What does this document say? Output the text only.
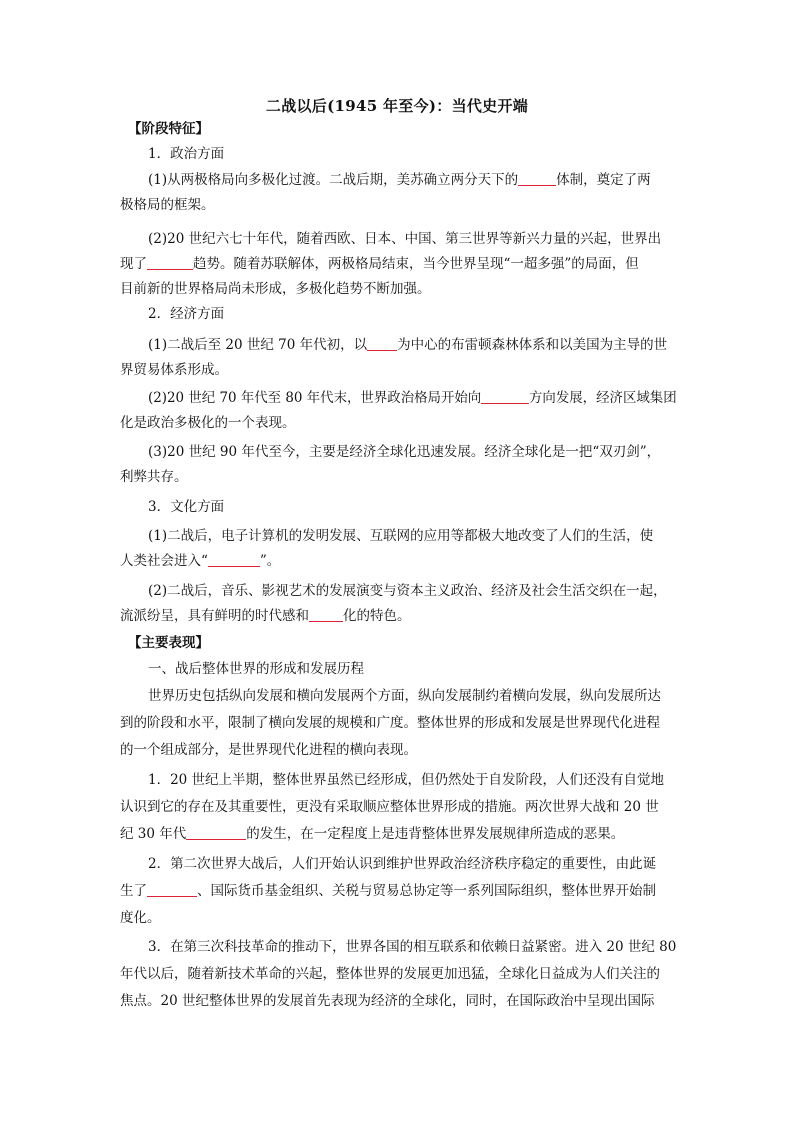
二战以后(1945 年至今)：当代史开端
【阶段特征】
1．政治方面
(1)从两极格局向多极化过渡。二战后期，美苏确立两分天下的	体制，奠定了两
极格局的框架。
(2)20 世纪六七十年代，随着西欧、日本、中国、第三世界等新兴力量的兴起，世界出
现了	趋势。随着苏联解体，两极格局结束，当今世界呈现“一超多强”的局面，但
目前新的世界格局尚未形成，多极化趋势不断加强。
2．经济方面
(1)二战后至 20 世纪 70 年代初，以 为中心的布雷顿森林体系和以美国为主导的世
界贸易体系形成。
(2)20 世纪 70 年代至 80 年代末，世界政治格局开始向	方向发展，经济区域集团
化是政治多极化的一个表现。
(3)20 世纪 90 年代至今，主要是经济全球化迅速发展。经济全球化是一把“双刃剑”，
利弊共存。
3．文化方面
(1)二战后，电子计算机的发明发展、互联网的应用等都极大地改变了人们的生活，使
人类社会进入“	”。
(2)二战后，音乐、影视艺术的发展演变与资本主义政治、经济及社会生活交织在一起，
流派纷呈，具有鲜明的时代感和	化的特色。
【主要表现】
一、战后整体世界的形成和发展历程
世界历史包括纵向发展和横向发展两个方面，纵向发展制约着横向发展，纵向发展所达
到的阶段和水平，限制了横向发展的规模和广度。整体世界的形成和发展是世界现代化进程
的一个组成部分，是世界现代化进程的横向表现。
1．20 世纪上半期，整体世界虽然已经形成，但仍然处于自发阶段，人们还没有自觉地
认识到它的存在及其重要性，更没有采取顺应整体世界形成的措施。两次世界大战和 20 世
纪 30 年代	的发生，在一定程度上是违背整体世界发展规律所造成的恶果。
2．第二次世界大战后，人们开始认识到维护世界政治经济秩序稳定的重要性，由此诞
生了	、国际货币基金组织、关税与贸易总协定等一系列国际组织，整体世界开始制
度化。
3．在第三次科技革命的推动下，世界各国的相互联系和依赖日益紧密。进入 20 世纪 80
年代以后，随着新技术革命的兴起，整体世界的发展更加迅猛，全球化日益成为人们关注的
焦点。20 世纪整体世界的发展首先表现为经济的全球化，同时，在国际政治中呈现出国际
